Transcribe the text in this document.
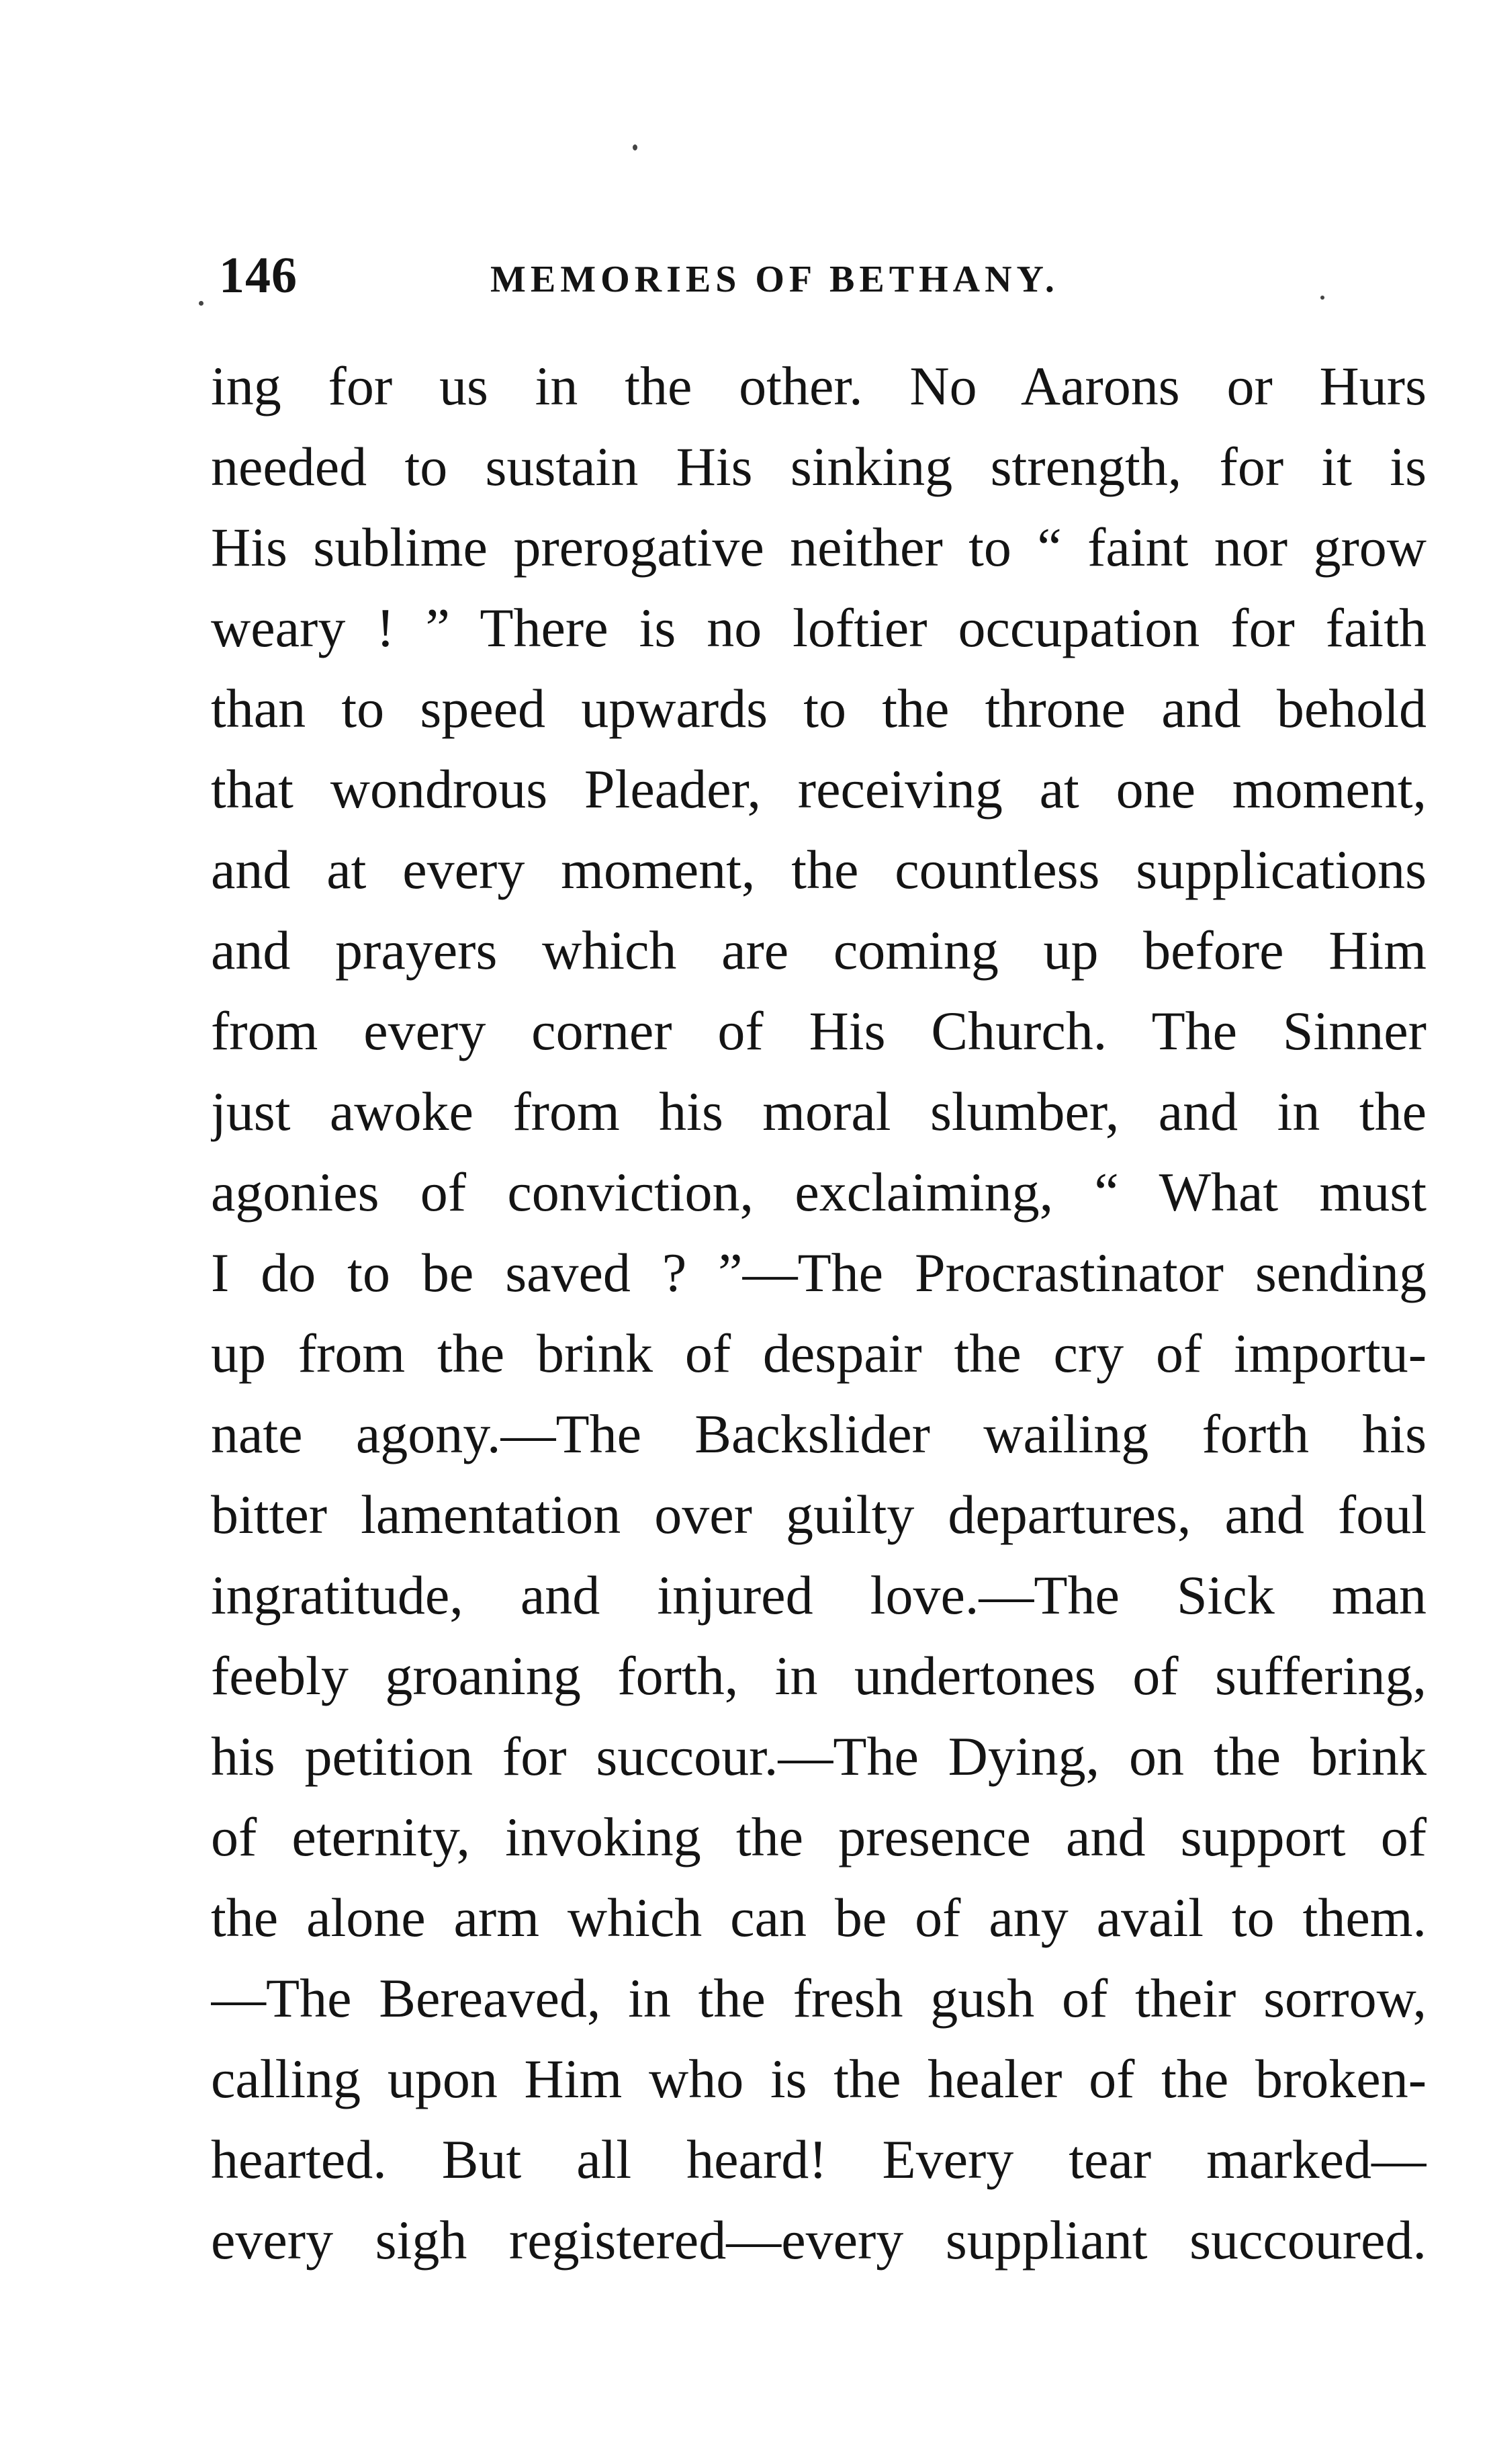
146	MEMORIES OF BETHANY.
ing for us in the other. No Aarons or Hurs
needed to sustain His sinking strength, for it is
His sublime prerogative neither to “ faint nor grow
weary ! ” There is no loftier occupation for faith
than to speed upwards to the throne and behold
that wondrous Pleader, receiving at one moment,
and at every moment, the countless supplications
and prayers which are coming up before Him
from every corner of His Church. The Sinner
just awoke from his moral slumber, and in the
agonies of conviction, exclaiming, “ What must
I do to be saved ? ”—The Procrastinator sending
up from the brink of despair the cry of importu-
nate agony.—The Backslider wailing forth his
bitter lamentation over guilty departures, and foul
ingratitude, and injured love.—The Sick man
feebly groaning forth, in undertones of suffering,
his petition for succour.—The Dying, on the brink
of eternity, invoking the presence and support of
the alone arm which can be of any avail to them.
—The Bereaved, in the fresh gush of their sorrow,
calling upon Him who is the healer of the broken-
hearted. But all heard! Every tear marked—
every sigh registered—every suppliant succoured.
